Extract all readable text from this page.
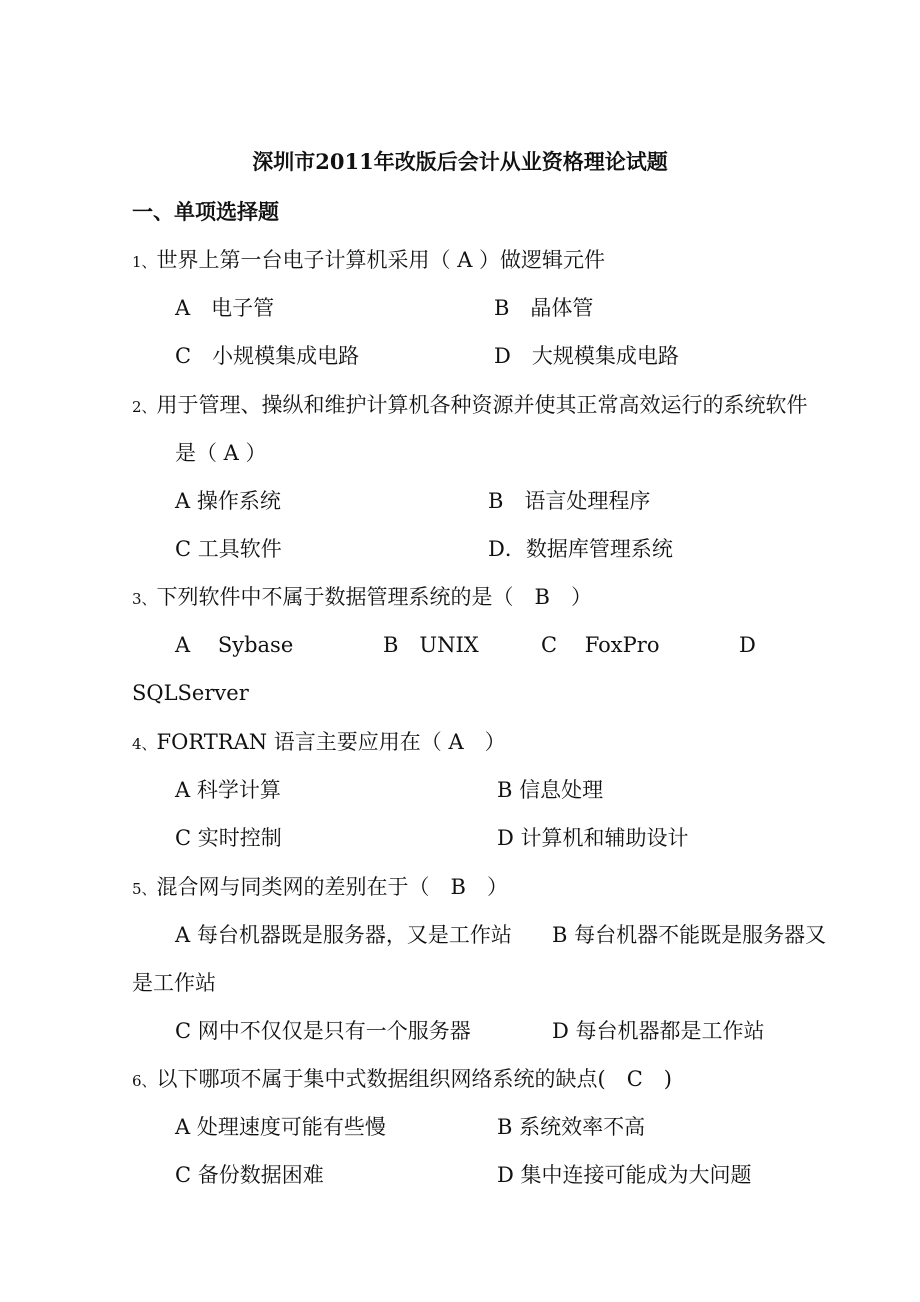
深圳市2011年改版后会计从业资格理论试题
一、单项选择题
1、世界上第一台电子计算机采用（ A ）做逻辑元件
A　电子管	B　晶体管
C　小规模集成电路	D　大规模集成电路
2、用于管理、操纵和维护计算机各种资源并使其正常高效运行的系统软件
是（ A ）
A 操作系统	B　语言处理程序
C 工具软件	D．数据库管理系统
3、下列软件中不属于数据管理系统的是（　B　）
A　 Sybase	B　UNIX	C　 FoxPro	D
SQLServer
4、FORTRAN 语言主要应用在（ A　）
A 科学计算	B 信息处理
C 实时控制	D 计算机和辅助设计
5、混合网与同类网的差别在于（　B　）
A 每台机器既是服务器，又是工作站 B 每台机器不能既是服务器又
是工作站
C 网中不仅仅是只有一个服务器	D 每台机器都是工作站
6、以下哪项不属于集中式数据组织网络系统的缺点(　C　)
A 处理速度可能有些慢	B 系统效率不高
C 备份数据困难	D 集中连接可能成为大问题
